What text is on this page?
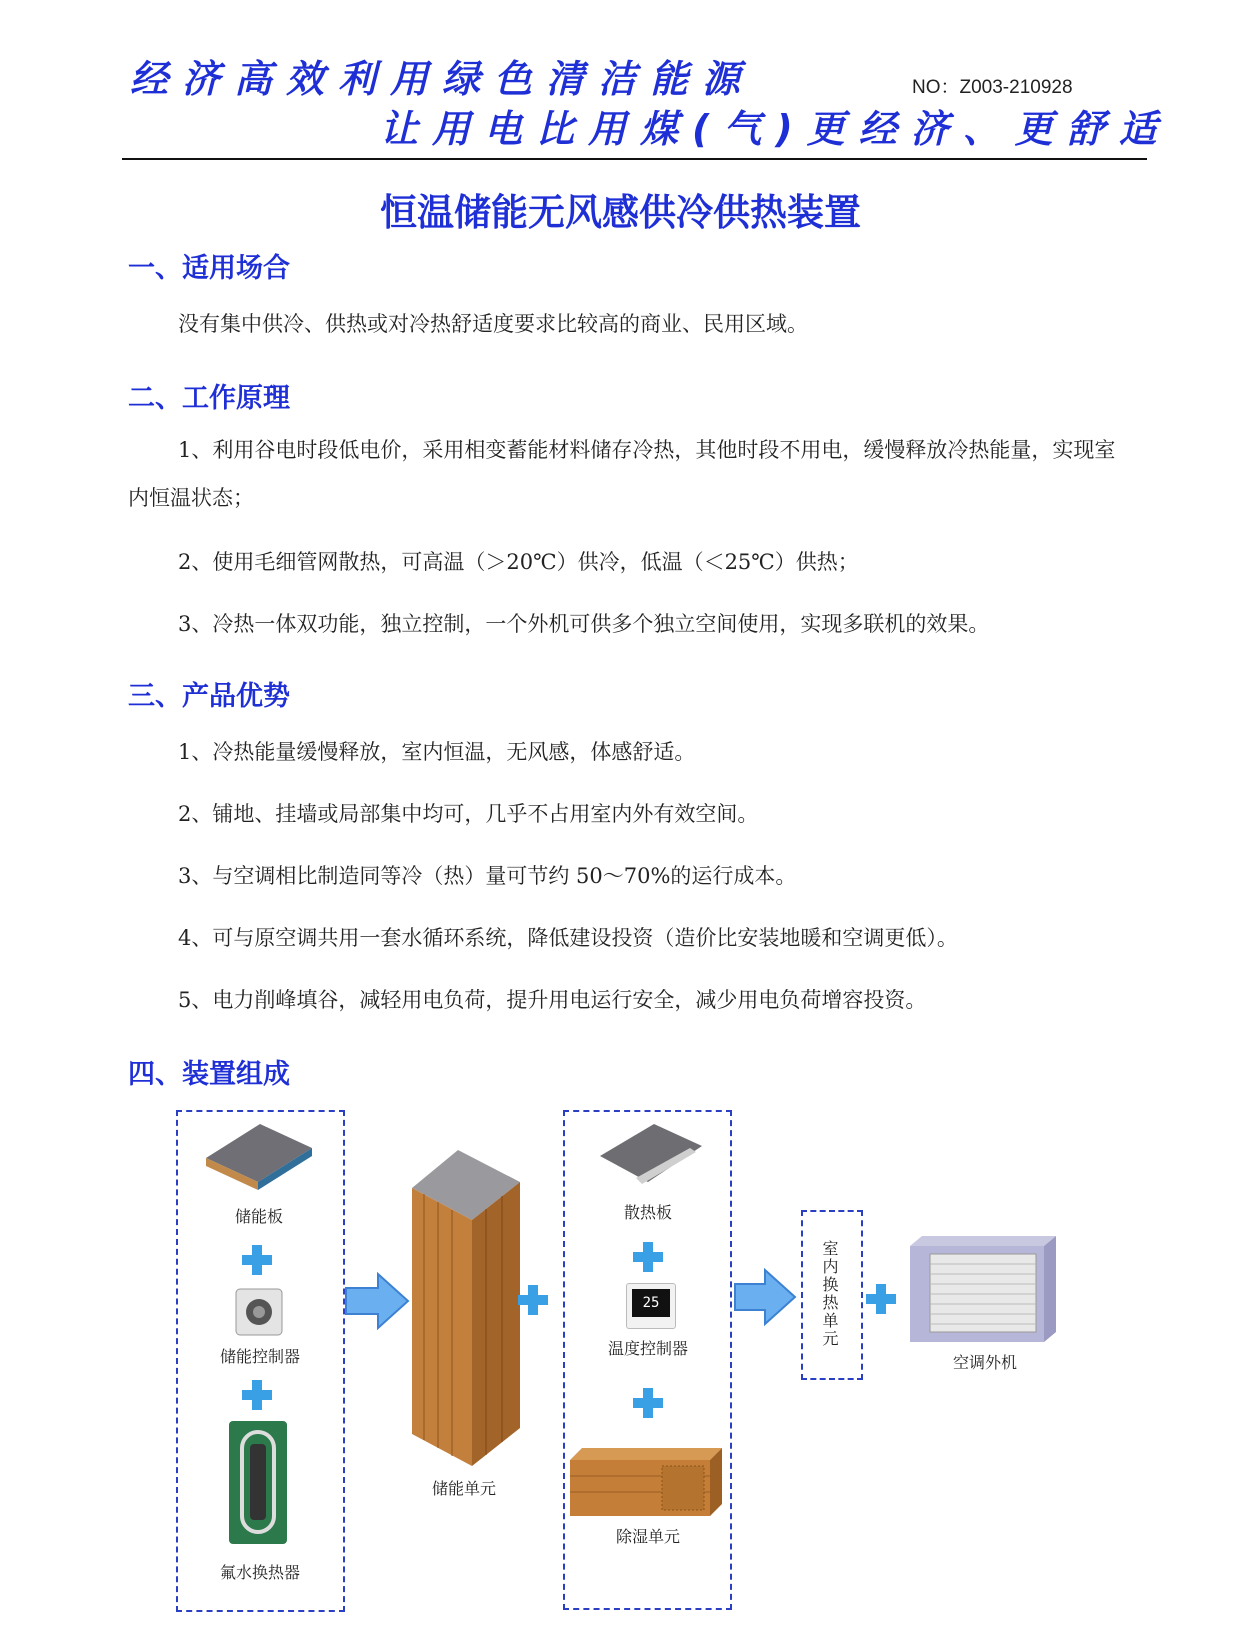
经济高效利用绿色清洁能源
让用电比用煤(气)更经济、更舒适
NO：Z003-210928
恒温储能无风感供冷供热装置
一、适用场合
没有集中供冷、供热或对冷热舒适度要求比较高的商业、民用区域。
二、工作原理
1、利用谷电时段低电价，采用相变蓄能材料储存冷热，其他时段不用电，缓慢释放冷热能量，实现室内恒温状态；
2、使用毛细管网散热，可高温（＞20℃）供冷，低温（＜25℃）供热；
3、冷热一体双功能，独立控制，一个外机可供多个独立空间使用，实现多联机的效果。
三、产品优势
1、冷热能量缓慢释放，室内恒温，无风感，体感舒适。
2、铺地、挂墙或局部集中均可，几乎不占用室内外有效空间。
3、与空调相比制造同等冷（热）量可节约 50～70%的运行成本。
4、可与原空调共用一套水循环系统，降低建设投资（造价比安装地暖和空调更低）。
5、电力削峰填谷，减轻用电负荷，提升用电运行安全，减少用电负荷增容投资。
四、装置组成
储能板
储能控制器
氟水换热器
储能单元
散热板
25
温度控制器
除湿单元
室内换热单元
空调外机
